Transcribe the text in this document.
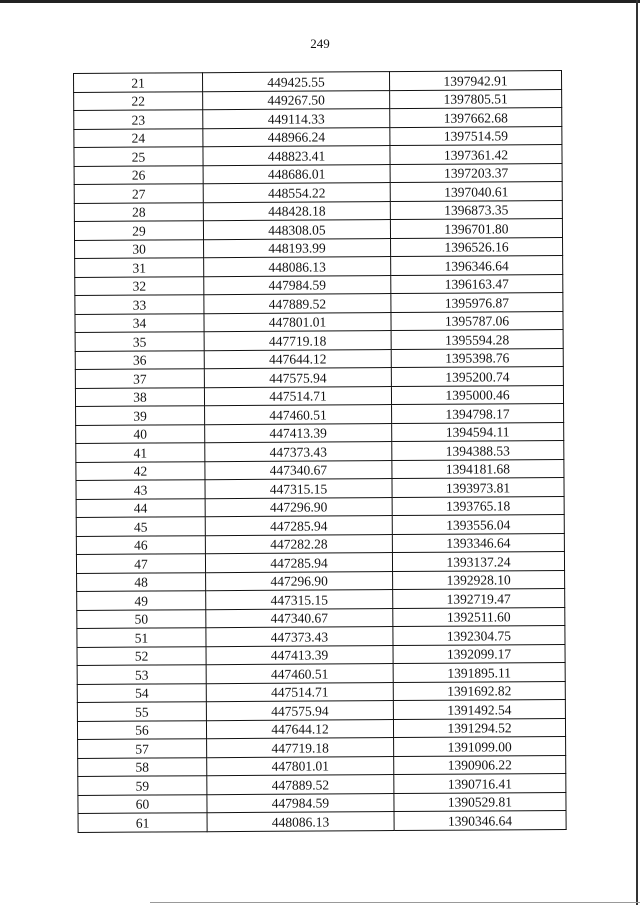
249
21	449425.55	1397942.91
22	449267.50	1397805.51
23	449114.33	1397662.68
24	448966.24	1397514.59
25	448823.41	1397361.42
26	448686.01	1397203.37
27	448554.22	1397040.61
28	448428.18	1396873.35
29	448308.05	1396701.80
30	448193.99	1396526.16
31	448086.13	1396346.64
32	447984.59	1396163.47
33	447889.52	1395976.87
34	447801.01	1395787.06
35	447719.18	1395594.28
36	447644.12	1395398.76
37	447575.94	1395200.74
38	447514.71	1395000.46
39	447460.51	1394798.17
40	447413.39	1394594.11
41	447373.43	1394388.53
42	447340.67	1394181.68
43	447315.15	1393973.81
44	447296.90	1393765.18
45	447285.94	1393556.04
46	447282.28	1393346.64
47	447285.94	1393137.24
48	447296.90	1392928.10
49	447315.15	1392719.47
50	447340.67	1392511.60
51	447373.43	1392304.75
52	447413.39	1392099.17
53	447460.51	1391895.11
54	447514.71	1391692.82
55	447575.94	1391492.54
56	447644.12	1391294.52
57	447719.18	1391099.00
58	447801.01	1390906.22
59	447889.52	1390716.41
60	447984.59	1390529.81
61	448086.13	1390346.64
